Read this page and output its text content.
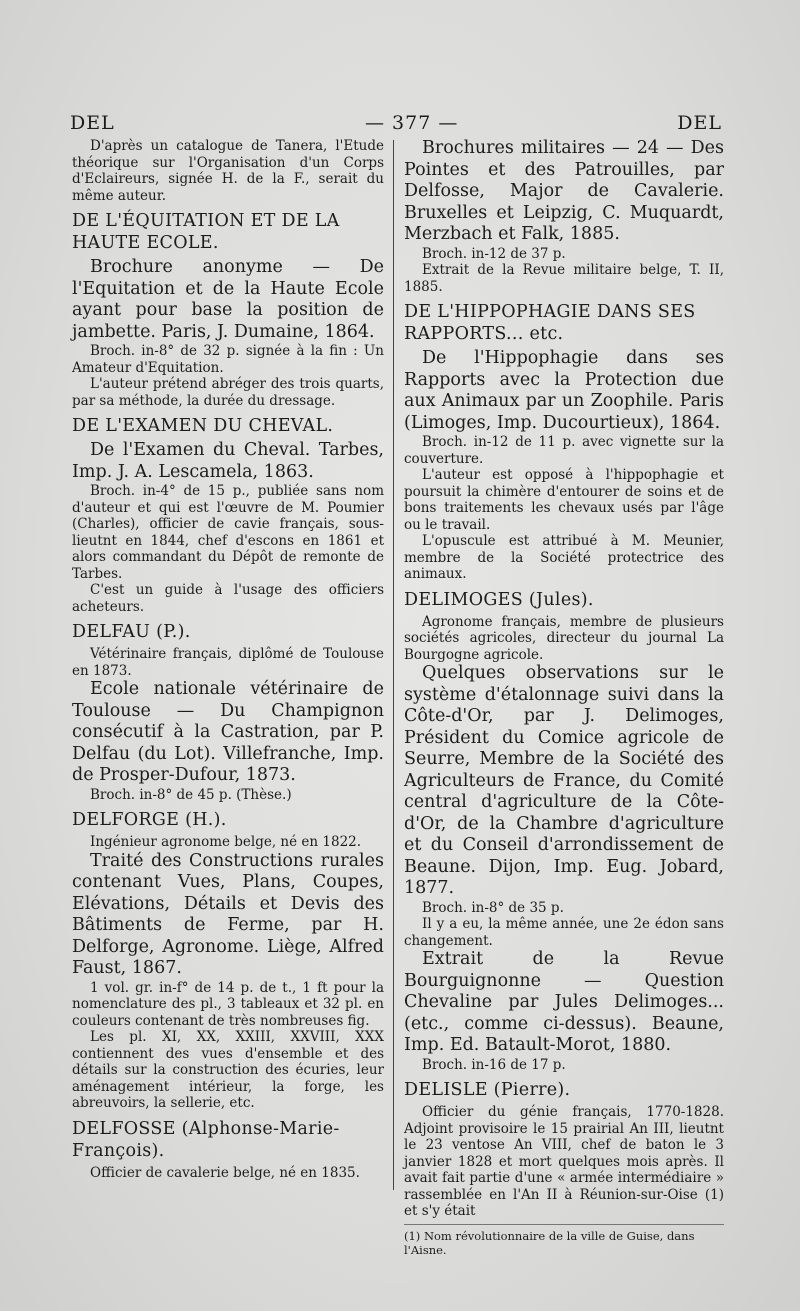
DEL	— 377 —	DEL

D'après un catalogue de Tanera, l'Etude théorique sur l'Organisation d'un Corps d'Eclaireurs, signée H. de la F., serait du même auteur.

DE L'ÉQUITATION ET DE LA HAUTE ECOLE.

Brochure anonyme — De l'Equitation et de la Haute Ecole ayant pour base la position de jambette. Paris, J. Dumaine, 1864.

Broch. in-8° de 32 p. signée à la fin : Un Amateur d'Equitation.

L'auteur prétend abréger des trois quarts, par sa méthode, la durée du dressage.

DE L'EXAMEN DU CHEVAL.

De l'Examen du Cheval. Tarbes, Imp. J. A. Lescamela, 1863.

Broch. in-4° de 15 p., publiée sans nom d'auteur et qui est l'œuvre de M. Poumier (Charles), officier de cavie français, sous-lieutnt en 1844, chef d'escons en 1861 et alors commandant du Dépôt de remonte de Tarbes.

C'est un guide à l'usage des officiers acheteurs.

DELFAU (P.).

Vétérinaire français, diplômé de Toulouse en 1873.

Ecole nationale vétérinaire de Toulouse — Du Champignon consécutif à la Castration, par P. Delfau (du Lot). Villefranche, Imp. de Prosper-Dufour, 1873.

Broch. in-8° de 45 p. (Thèse.)

DELFORGE (H.).

Ingénieur agronome belge, né en 1822.

Traité des Constructions rurales contenant Vues, Plans, Coupes, Elévations, Détails et Devis des Bâtiments de Ferme, par H. Delforge, Agronome. Liège, Alfred Faust, 1867.

1 vol. gr. in-f° de 14 p. de t., 1 ft pour la nomenclature des pl., 3 tableaux et 32 pl. en couleurs contenant de très nombreuses fig.

Les pl. XI, XX, XXIII, XXVIII, XXX contiennent des vues d'ensemble et des détails sur la construction des écuries, leur aménagement intérieur, la forge, les abreuvoirs, la sellerie, etc.

DELFOSSE (Alphonse-Marie-François).

Officier de cavalerie belge, né en 1835.

Brochures militaires — 24 — Des Pointes et des Patrouilles, par Delfosse, Major de Cavalerie. Bruxelles et Leipzig, C. Muquardt, Merzbach et Falk, 1885.

Broch. in-12 de 37 p.

Extrait de la Revue militaire belge, T. II, 1885.

DE L'HIPPOPHAGIE DANS SES RAPPORTS... etc.

De l'Hippophagie dans ses Rapports avec la Protection due aux Animaux par un Zoophile. Paris (Limoges, Imp. Ducourtieux), 1864.

Broch. in-12 de 11 p. avec vignette sur la couverture.

L'auteur est opposé à l'hippophagie et poursuit la chimère d'entourer de soins et de bons traitements les chevaux usés par l'âge ou le travail.

L'opuscule est attribué à M. Meunier, membre de la Société protectrice des animaux.

DELIMOGES (Jules).

Agronome français, membre de plusieurs sociétés agricoles, directeur du journal La Bourgogne agricole.

Quelques observations sur le système d'étalonnage suivi dans la Côte-d'Or, par J. Delimoges, Président du Comice agricole de Seurre, Membre de la Société des Agriculteurs de France, du Comité central d'agriculture de la Côte-d'Or, de la Chambre d'agriculture et du Conseil d'arrondissement de Beaune. Dijon, Imp. Eug. Jobard, 1877.

Broch. in-8° de 35 p.

Il y a eu, la même année, une 2e édon sans changement.

Extrait de la Revue Bourguignonne — Question Chevaline par Jules Delimoges... (etc., comme ci-dessus). Beaune, Imp. Ed. Batault-Morot, 1880.

Broch. in-16 de 17 p.

DELISLE (Pierre).

Officier du génie français, 1770-1828. Adjoint provisoire le 15 prairial An III, lieutnt le 23 ventose An VIII, chef de baton le 3 janvier 1828 et mort quelques mois après. Il avait fait partie d'une « armée intermédiaire » rassemblée en l'An II à Réunion-sur-Oise (1) et s'y était

(1) Nom révolutionnaire de la ville de Guise, dans l'Aisne.
